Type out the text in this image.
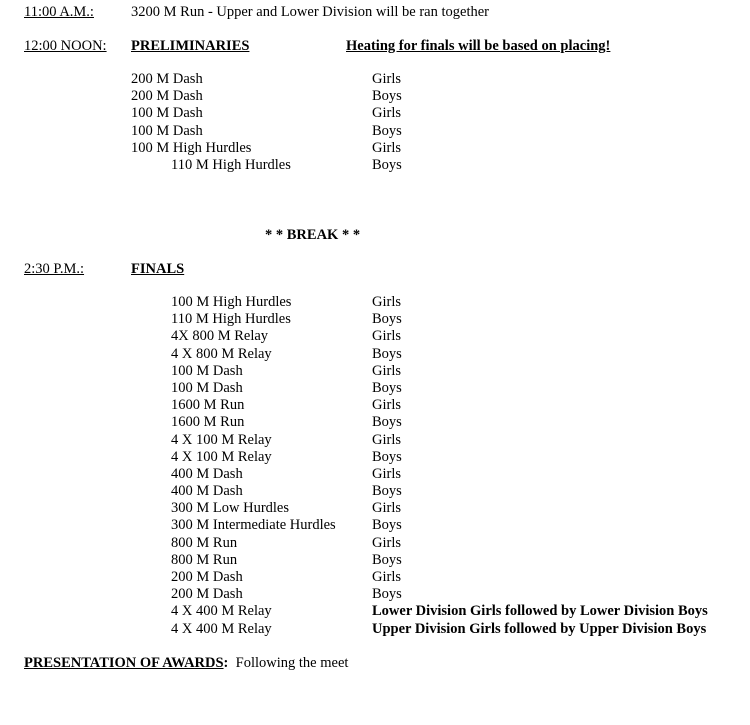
11:00 A.M.:	3200 M Run - Upper and Lower Division will be ran together
12:00 NOON: PRELIMINARIES	Heating for finals will be based on placing!
200 M Dash	Girls
200 M Dash	Boys
100 M Dash	Girls
100 M Dash	Boys
100 M High Hurdles	Girls
110 M High Hurdles	Boys
* * BREAK * *
2:30 P.M.:	FINALS
100 M High Hurdles	Girls
110 M High Hurdles	Boys
4X 800 M Relay	Girls
4 X 800 M Relay	Boys
100 M Dash	Girls
100 M Dash	Boys
1600 M Run	Girls
1600 M Run	Boys
4 X 100 M Relay	Girls
4 X 100 M Relay	Boys
400 M Dash	Girls
400 M Dash	Boys
300 M Low Hurdles	Girls
300 M Intermediate Hurdles	Boys
800 M Run	Girls
800 M Run	Boys
200 M Dash	Girls
200 M Dash	Boys
4 X 400 M Relay	Lower Division Girls followed by Lower Division Boys
4 X 400 M Relay	Upper Division Girls followed by Upper Division Boys
PRESENTATION OF AWARDS: Following the meet
